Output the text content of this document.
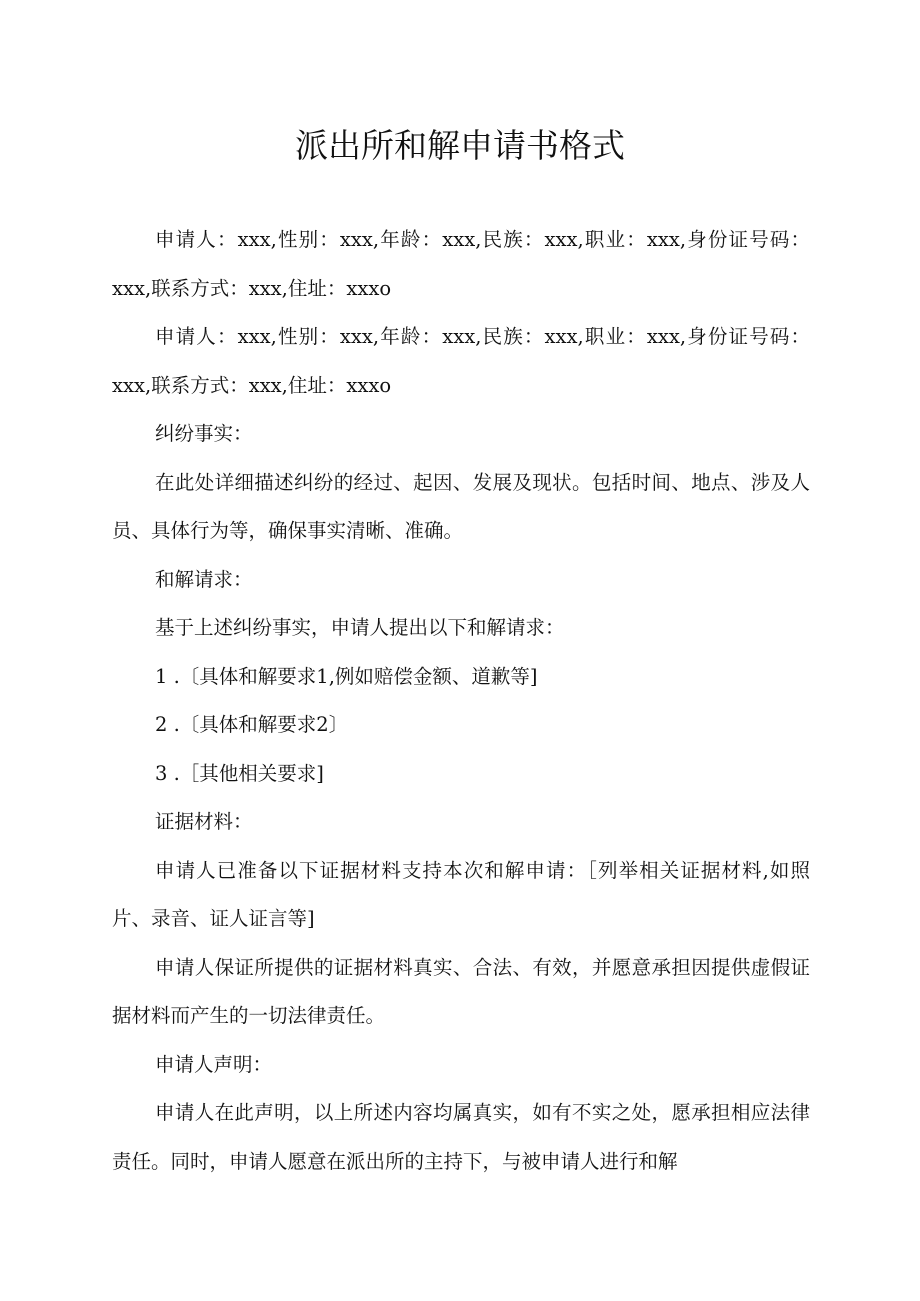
派出所和解申请书格式

申请人：xxx,性别：xxx,年龄：xxx,民族：xxx,职业：xxx,身份证号码：xxx,联系方式：xxx,住址：xxxo

申请人：xxx,性别：xxx,年龄：xxx,民族：xxx,职业：xxx,身份证号码：xxx,联系方式：xxx,住址：xxxo

纠纷事实：

在此处详细描述纠纷的经过、起因、发展及现状。包括时间、地点、涉及人员、具体行为等，确保事实清晰、准确。

和解请求：

基于上述纠纷事实，申请人提出以下和解请求：

1 .〔具体和解要求1,例如赔偿金额、道歉等]

2 .〔具体和解要求2〕

3 .［其他相关要求]

证据材料：

申请人已准备以下证据材料支持本次和解申请：［列举相关证据材料,如照片、录音、证人证言等]

申请人保证所提供的证据材料真实、合法、有效，并愿意承担因提供虚假证据材料而产生的一切法律责任。

申请人声明：

申请人在此声明，以上所述内容均属真实，如有不实之处，愿承担相应法律责任。同时，申请人愿意在派出所的主持下，与被申请人进行和解
